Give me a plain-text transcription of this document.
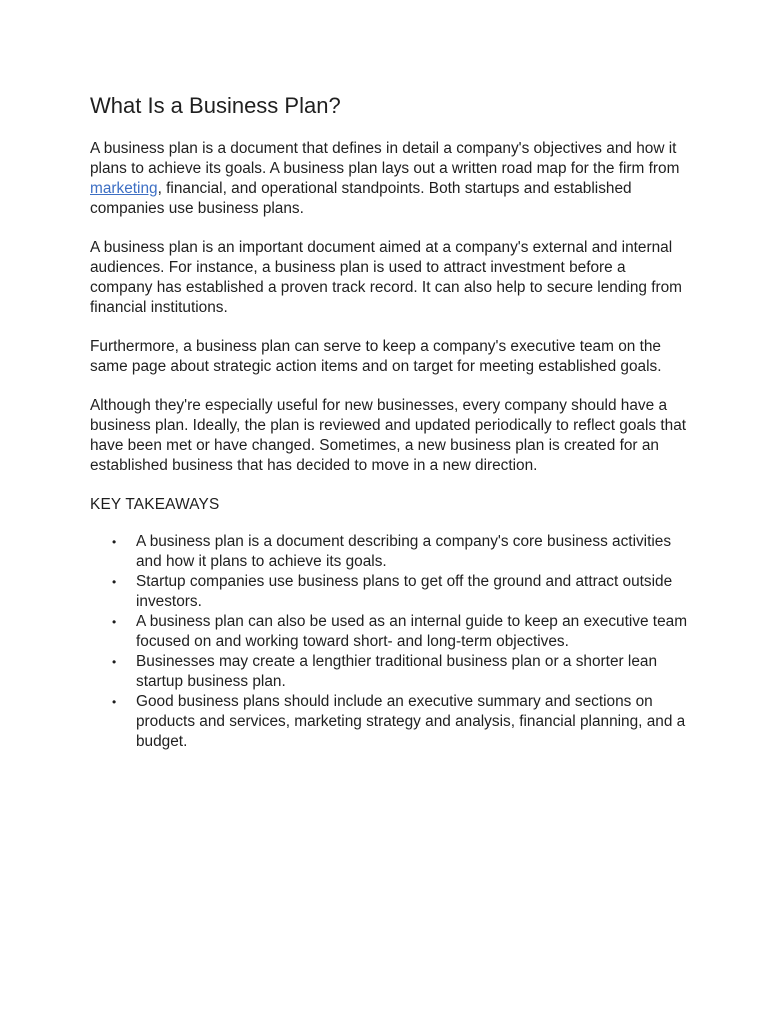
What Is a Business Plan?

A business plan is a document that defines in detail a company's objectives and how it plans to achieve its goals. A business plan lays out a written road map for the firm from marketing, financial, and operational standpoints. Both startups and established companies use business plans.

A business plan is an important document aimed at a company's external and internal audiences. For instance, a business plan is used to attract investment before a company has established a proven track record. It can also help to secure lending from financial institutions.

Furthermore, a business plan can serve to keep a company's executive team on the same page about strategic action items and on target for meeting established goals.

Although they're especially useful for new businesses, every company should have a business plan. Ideally, the plan is reviewed and updated periodically to reflect goals that have been met or have changed. Sometimes, a new business plan is created for an established business that has decided to move in a new direction.

KEY TAKEAWAYS
• A business plan is a document describing a company's core business activities and how it plans to achieve its goals.
• Startup companies use business plans to get off the ground and attract outside investors.
• A business plan can also be used as an internal guide to keep an executive team focused on and working toward short- and long-term objectives.
• Businesses may create a lengthier traditional business plan or a shorter lean startup business plan.
• Good business plans should include an executive summary and sections on products and services, marketing strategy and analysis, financial planning, and a budget.
